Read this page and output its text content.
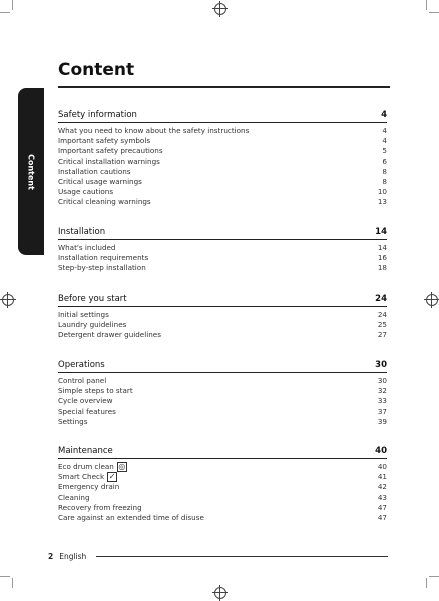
Content
Content
Safety information	4
What you need to know about the safety instructions	4
Important safety symbols	4
Important safety precautions	5
Critical installation warnings	6
Installation cautions	8
Critical usage warnings	8
Usage cautions	10
Critical cleaning warnings	13
Installation	14
What's included	14
Installation requirements	16
Step-by-step installation	18
Before you start	24
Initial settings	24
Laundry guidelines	25
Detergent drawer guidelines	27
Operations	30
Control panel	30
Simple steps to start	32
Cycle overview	33
Special features	37
Settings	39
Maintenance	40
Eco drum clean ◎	40
Smart Check ✓	41
Emergency drain	42
Cleaning	43
Recovery from freezing	47
Care against an extended time of disuse	47
2 English
